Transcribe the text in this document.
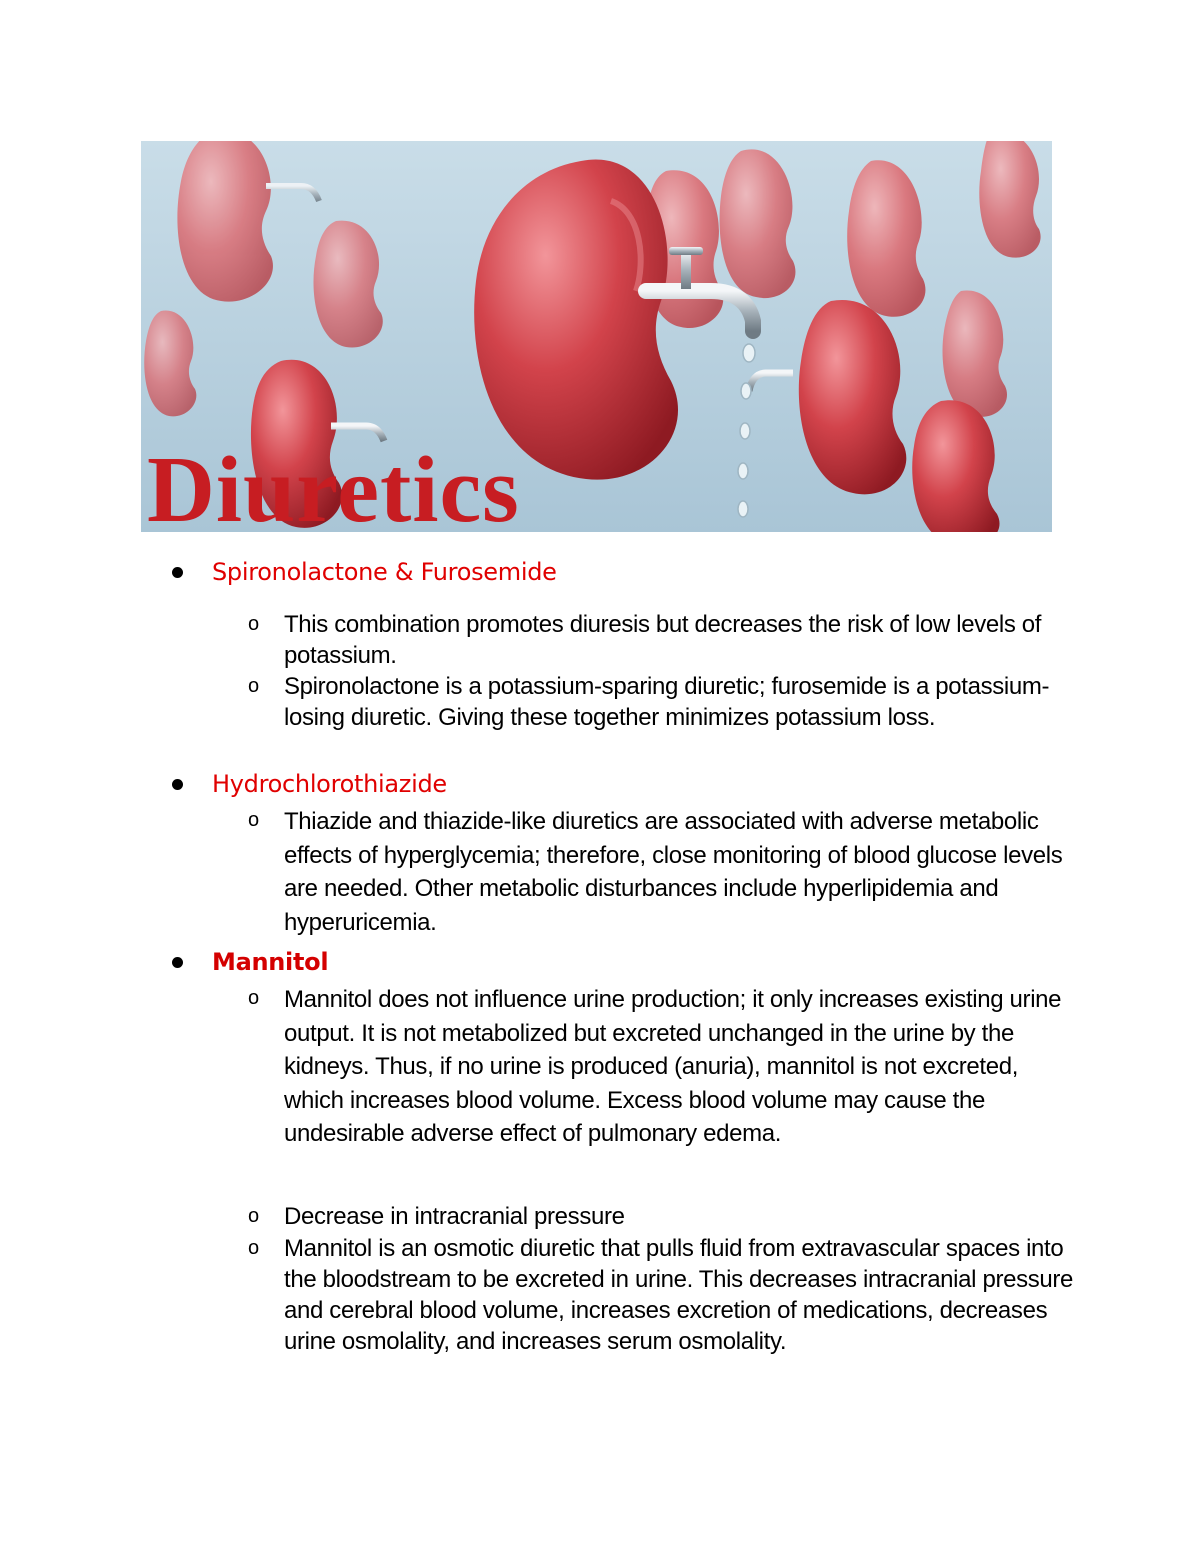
Diuretics
Spironolactone & Furosemide
o This combination promotes diuresis but decreases the risk of low levels of potassium.
o Spironolactone is a potassium-sparing diuretic; furosemide is a potassium-losing diuretic. Giving these together minimizes potassium loss.
Hydrochlorothiazide
o Thiazide and thiazide-like diuretics are associated with adverse metabolic effects of hyperglycemia; therefore, close monitoring of blood glucose levels are needed. Other metabolic disturbances include hyperlipidemia and hyperuricemia.
Mannitol
o Mannitol does not influence urine production; it only increases existing urine output. It is not metabolized but excreted unchanged in the urine by the kidneys. Thus, if no urine is produced (anuria), mannitol is not excreted, which increases blood volume. Excess blood volume may cause the undesirable adverse effect of pulmonary edema.
o Decrease in intracranial pressure
o Mannitol is an osmotic diuretic that pulls fluid from extravascular spaces into the bloodstream to be excreted in urine. This decreases intracranial pressure and cerebral blood volume, increases excretion of medications, decreases urine osmolality, and increases serum osmolality.
